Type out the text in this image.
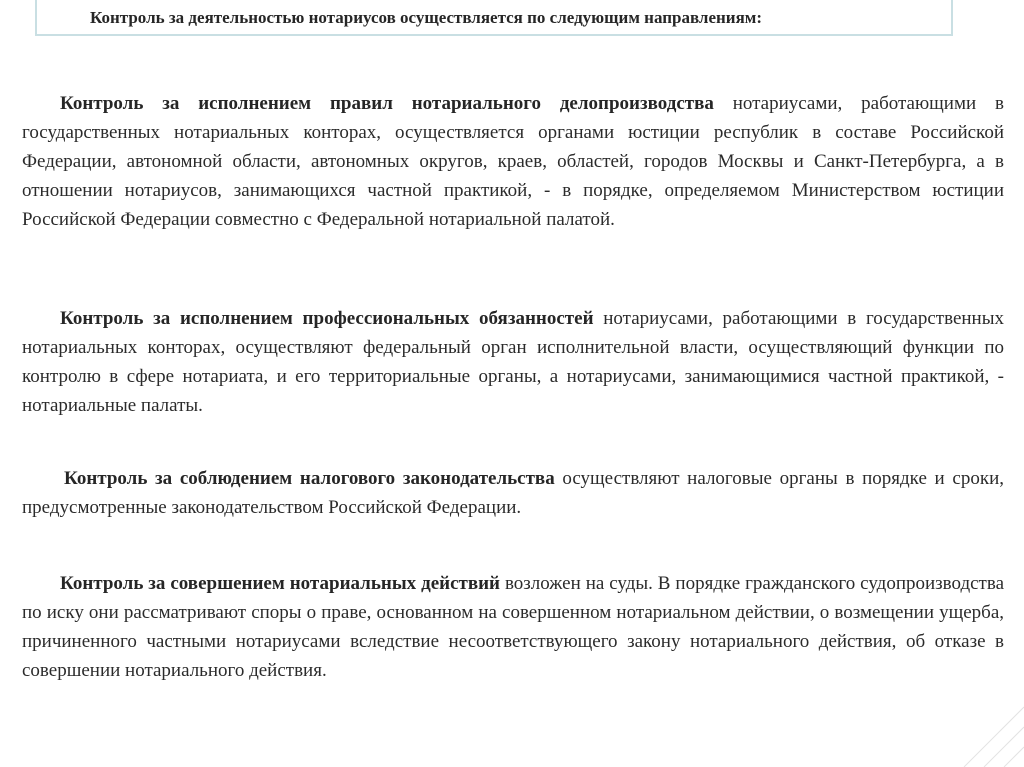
Контроль за деятельностью нотариусов осуществляется по следующим направлениям:

Контроль за исполнением правил нотариального делопроизводства нотариусами, работающими в государственных нотариальных конторах, осуществляется органами юстиции республик в составе Российской Федерации, автономной области, автономных округов, краев, областей, городов Москвы и Санкт-Петербурга, а в отношении нотариусов, занимающихся частной практикой, - в порядке, определяемом Министерством юстиции Российской Федерации совместно с Федеральной нотариальной палатой.

Контроль за исполнением профессиональных обязанностей нотариусами, работающими в государственных нотариальных конторах, осуществляют федеральный орган исполнительной власти, осуществляющий функции по контролю в сфере нотариата, и его территориальные органы, а нотариусами, занимающимися частной практикой, - нотариальные палаты.

Контроль за соблюдением налогового законодательства осуществляют налоговые органы в порядке и сроки, предусмотренные законодательством Российской Федерации.

Контроль за совершением нотариальных действий возложен на суды. В порядке гражданского судопроизводства по иску они рассматривают споры о праве, основанном на совершенном нотариальном действии, о возмещении ущерба, причиненного частными нотариусами вследствие несоответствующего закону нотариального действия, об отказе в совершении нотариального действия.
